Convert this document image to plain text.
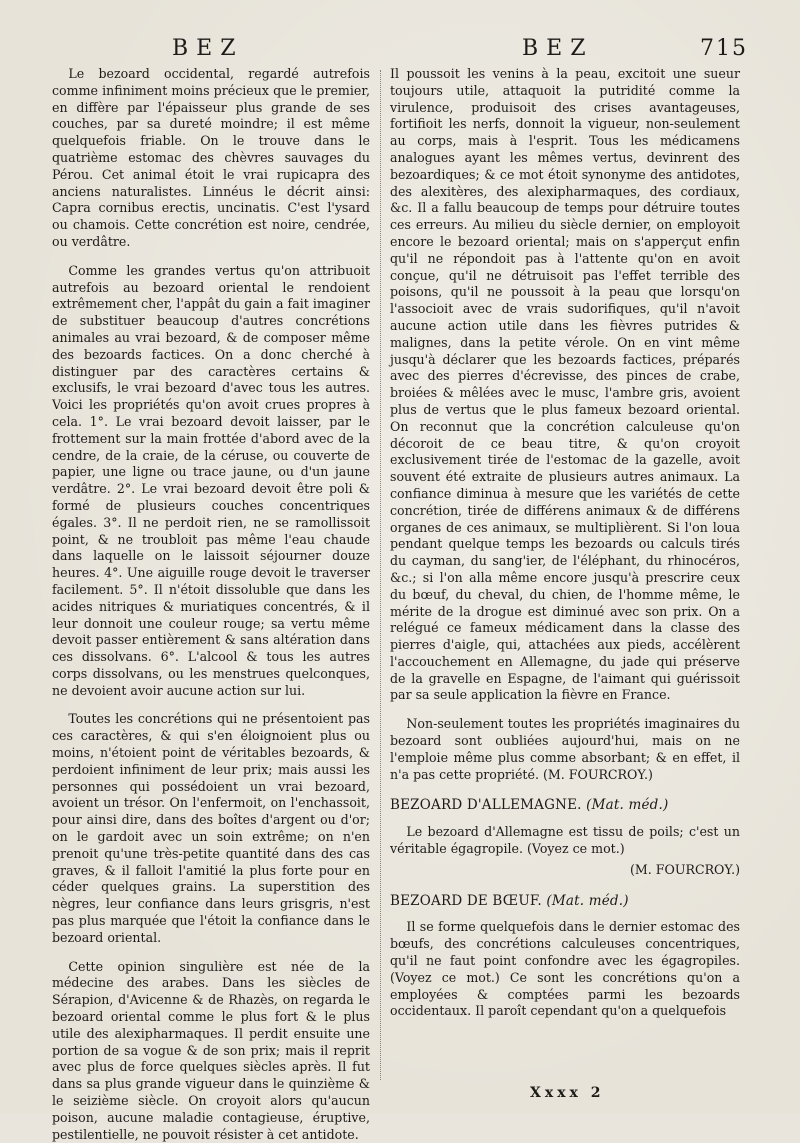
BEZ	BEZ	715

Le bezoard occidental, regardé autrefois comme infiniment moins précieux que le premier, en diffère par l'épaisseur plus grande de ses couches, par sa dureté moindre; il est même quelquefois friable. On le trouve dans le quatrième estomac des chèvres sauvages du Pérou. Cet animal étoit le vrai rupicapra des anciens naturalistes. Linnéus le décrit ainsi: Capra cornibus erectis, uncinatis. C'est l'ysard ou chamois. Cette concrétion est noire, cendrée, ou verdâtre.

Comme les grandes vertus qu'on attribuoit autrefois au bezoard oriental le rendoient extrêmement cher, l'appât du gain a fait imaginer de substituer beaucoup d'autres concrétions animales au vrai bezoard, & de composer même des bezoards factices. On a donc cherché à distinguer par des caractères certains & exclusifs, le vrai bezoard d'avec tous les autres. Voici les propriétés qu'on avoit crues propres à cela. 1°. Le vrai bezoard devoit laisser, par le frottement sur la main frottée d'abord avec de la cendre, de la craie, de la céruse, ou couverte de papier, une ligne ou trace jaune, ou d'un jaune verdâtre. 2°. Le vrai bezoard devoit être poli & formé de plusieurs couches concentriques égales. 3°. Il ne perdoit rien, ne se ramollissoit point, & ne troubloit pas même l'eau chaude dans laquelle on le laissoit séjourner douze heures. 4°. Une aiguille rouge devoit le traverser facilement. 5°. Il n'étoit dissoluble que dans les acides nitriques & muriatiques concentrés, & il leur donnoit une couleur rouge; sa vertu même devoit passer entièrement & sans altération dans ces dissolvans. 6°. L'alcool & tous les autres corps dissolvans, ou les menstrues quelconques, ne devoient avoir aucune action sur lui.

Toutes les concrétions qui ne présentoient pas ces caractères, & qui s'en éloignoient plus ou moins, n'étoient point de véritables bezoards, & perdoient infiniment de leur prix; mais aussi les personnes qui possédoient un vrai bezoard, avoient un trésor. On l'enfermoit, on l'enchassoit, pour ainsi dire, dans des boîtes d'argent ou d'or; on le gardoit avec un soin extrême; on n'en prenoit qu'une très-petite quantité dans des cas graves, & il falloit l'amitié la plus forte pour en céder quelques grains. La superstition des nègres, leur confiance dans leurs grisgris, n'est pas plus marquée que l'étoit la confiance dans le bezoard oriental.

Cette opinion singulière est née de la médecine des arabes. Dans les siècles de Sérapion, d'Avicenne & de Rhazès, on regarda le bezoard oriental comme le plus fort & le plus utile des alexipharmaques. Il perdit ensuite une portion de sa vogue & de son prix; mais il reprit avec plus de force quelques siècles après. Il fut dans sa plus grande vigueur dans le quinzième & le seizième siècle. On croyoit alors qu'aucun poison, aucune maladie contagieuse, éruptive, pestilentielle, ne pouvoit résister à cet antidote.

Il poussoit les venins à la peau, excitoit une sueur toujours utile, attaquoit la putridité comme la virulence, produisoit des crises avantageuses, fortifioit les nerfs, donnoit la vigueur, non-seulement au corps, mais à l'esprit. Tous les médicamens analogues ayant les mêmes vertus, devinrent des bezoardiques; & ce mot étoit synonyme des antidotes, des alexitères, des alexipharmaques, des cordiaux, &c. Il a fallu beaucoup de temps pour détruire toutes ces erreurs. Au milieu du siècle dernier, on employoit encore le bezoard oriental; mais on s'apperçut enfin qu'il ne répondoit pas à l'attente qu'on en avoit conçue, qu'il ne détruisoit pas l'effet terrible des poisons, qu'il ne poussoit à la peau que lorsqu'on l'associoit avec de vrais sudorifiques, qu'il n'avoit aucune action utile dans les fièvres putrides & malignes, dans la petite vérole. On en vint même jusqu'à déclarer que les bezoards factices, préparés avec des pierres d'écrevisse, des pinces de crabe, broiées & mêlées avec le musc, l'ambre gris, avoient plus de vertus que le plus fameux bezoard oriental. On reconnut que la concrétion calculeuse qu'on décoroit de ce beau titre, & qu'on croyoit exclusivement tirée de l'estomac de la gazelle, avoit souvent été extraite de plusieurs autres animaux. La confiance diminua à mesure que les variétés de cette concrétion, tirée de différens animaux & de différens organes de ces animaux, se multiplièrent. Si l'on loua pendant quelque temps les bezoards ou calculs tirés du cayman, du sang'ier, de l'éléphant, du rhinocéros, &c.; si l'on alla même encore jusqu'à prescrire ceux du bœuf, du cheval, du chien, de l'homme même, le mérite de la drogue est diminué avec son prix. On a relégué ce fameux médicament dans la classe des pierres d'aigle, qui, attachées aux pieds, accélèrent l'accouchement en Allemagne, du jade qui préserve de la gravelle en Espagne, de l'aimant qui guérissoit par sa seule application la fièvre en France.

Non-seulement toutes les propriétés imaginaires du bezoard sont oubliées aujourd'hui, mais on ne l'emploie même plus comme absorbant; & en effet, il n'a pas cette propriété. (M. FOURCROY.)

BEZOARD D'ALLEMAGNE. (Mat. méd.)

Le bezoard d'Allemagne est tissu de poils; c'est un véritable égagropile. (Voyez ce mot.)

(M. FOURCROY.)

BEZOARD DE BŒUF. (Mat. méd.)

Il se forme quelquefois dans le dernier estomac des bœufs, des concrétions calculeuses concentriques, qu'il ne faut point confondre avec les égagropiles. (Voyez ce mot.) Ce sont les concrétions qu'on a employées & comptées parmi les bezoards occidentaux. Il paroît cependant qu'on a quelquefois

Xxxx 2
